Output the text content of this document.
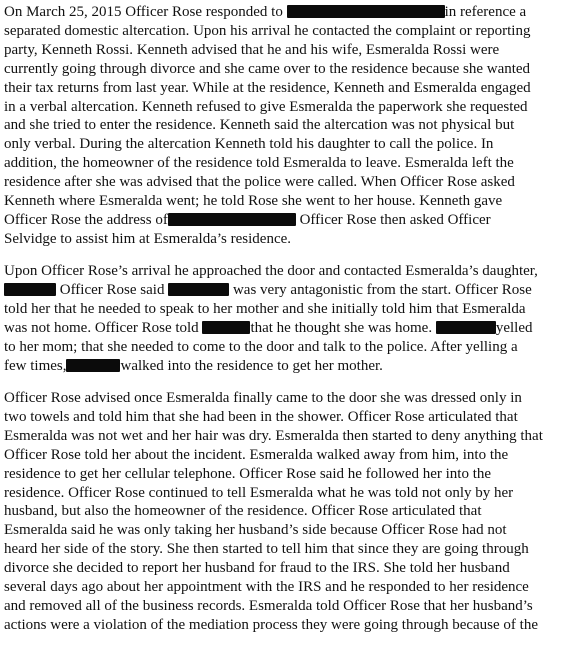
On March 25, 2015 Officer Rose responded to	in reference a
separated domestic altercation. Upon his arrival he contacted the complaint or reporting
party, Kenneth Rossi. Kenneth advised that he and his wife, Esmeralda Rossi were
currently going through divorce and she came over to the residence because she wanted
their tax returns from last year. While at the residence, Kenneth and Esmeralda engaged
in a verbal altercation. Kenneth refused to give Esmeralda the paperwork she requested
and she tried to enter the residence. Kenneth said the altercation was not physical but
only verbal. During the altercation Kenneth told his daughter to call the police. In
addition, the homeowner of the residence told Esmeralda to leave. Esmeralda left the
residence after she was advised that the police were called. When Officer Rose asked
Kenneth where Esmeralda went; he told Rose she went to her house. Kenneth gave
Officer Rose the address of	Officer Rose then asked Officer
Selvidge to assist him at Esmeralda’s residence.
Upon Officer Rose’s arrival he approached the door and contacted Esmeralda’s daughter,
Officer Rose said	was very antagonistic from the start. Officer Rose
told her that he needed to speak to her mother and she initially told him that Esmeralda
was not home. Officer Rose told	that he thought she was home.	yelled
to her mom; that she needed to come to the door and talk to the police. After yelling a
few times,	walked into the residence to get her mother.
Officer Rose advised once Esmeralda finally came to the door she was dressed only in
two towels and told him that she had been in the shower. Officer Rose articulated that
Esmeralda was not wet and her hair was dry. Esmeralda then started to deny anything that
Officer Rose told her about the incident. Esmeralda walked away from him, into the
residence to get her cellular telephone. Officer Rose said he followed her into the
residence. Officer Rose continued to tell Esmeralda what he was told not only by her
husband, but also the homeowner of the residence. Officer Rose articulated that
Esmeralda said he was only taking her husband’s side because Officer Rose had not
heard her side of the story. She then started to tell him that since they are going through
divorce she decided to report her husband for fraud to the IRS. She told her husband
several days ago about her appointment with the IRS and he responded to her residence
and removed all of the business records. Esmeralda told Officer Rose that her husband’s
actions were a violation of the mediation process they were going through because of the
